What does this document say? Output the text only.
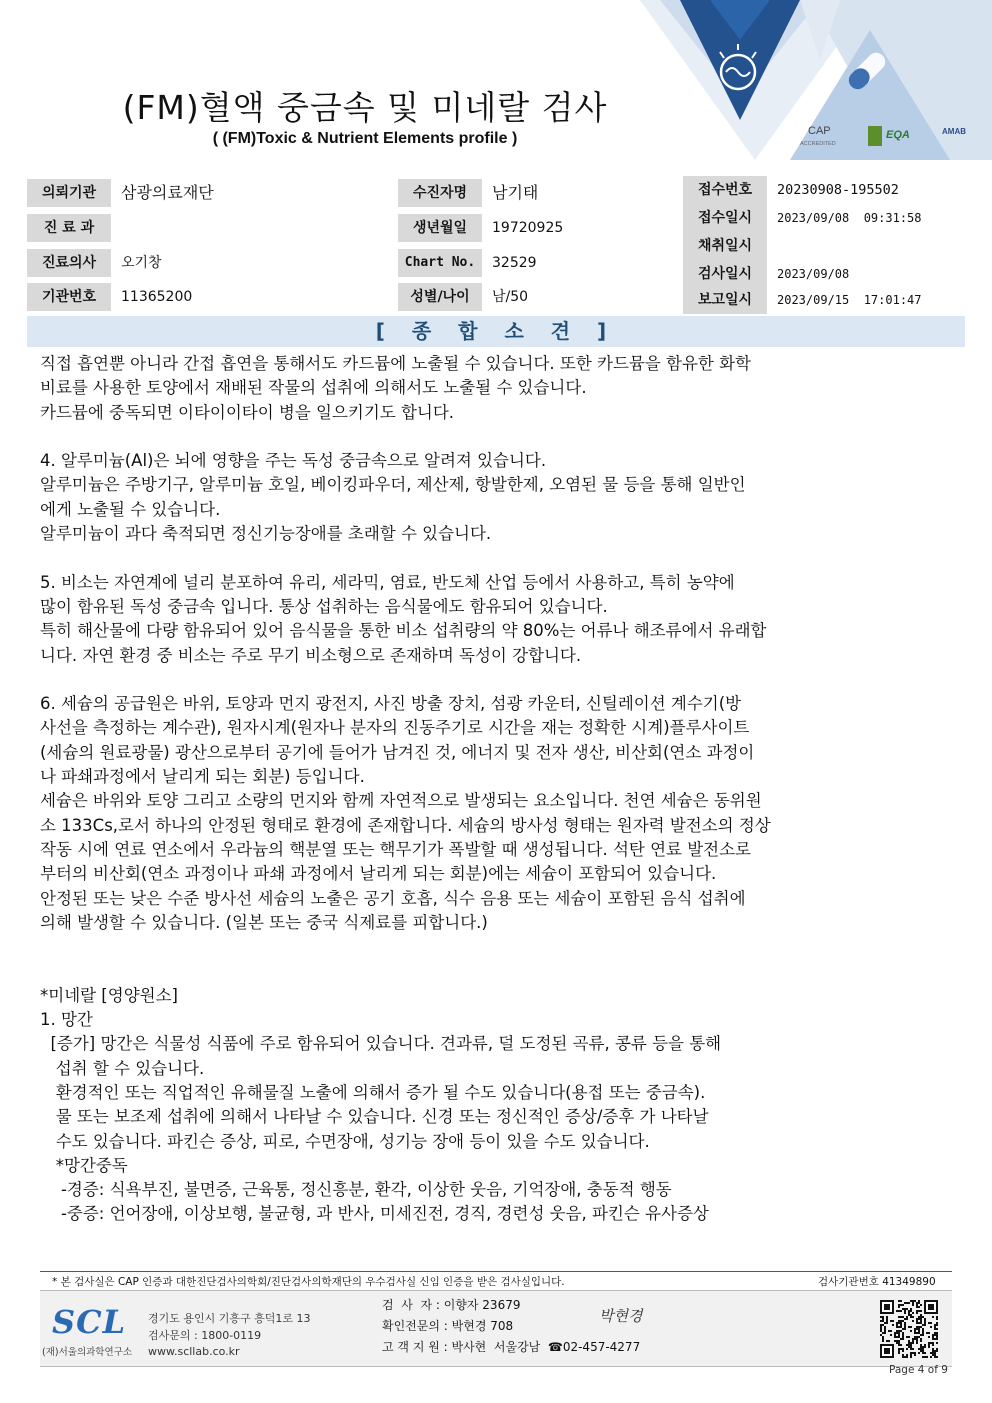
(FM)혈액 중금속 및 미네랄 검사
( (FM)Toxic & Nutrient Elements profile )	CAP
ACCREDITED
EQA	AMAB
의뢰기관	삼광의료재단
진 료 과
진료의사	오기창
기관번호	11365200
수진자명	남기태
생년월일	19720925
Chart No.	32529
성별/나이	남/50
접수번호	20230908-195502
접수일시	2023/09/08  09:31:58
채취일시
검사일시	2023/09/08
보고일시	2023/09/15  17:01:47
[ 종 합 소 견 ]
직접 흡연뿐 아니라 간접 흡연을 통해서도 카드뮴에 노출될 수 있습니다. 또한 카드뮴을 함유한 화학
비료를 사용한 토양에서 재배된 작물의 섭취에 의해서도 노출될 수 있습니다.
카드뮴에 중독되면 이타이이타이 병을 일으키기도 합니다.
4. 알루미늄(Al)은 뇌에 영향을 주는 독성 중금속으로 알려져 있습니다.
알루미늄은 주방기구, 알루미늄 호일, 베이킹파우더, 제산제, 항발한제, 오염된 물 등을 통해 일반인
에게 노출될 수 있습니다.
알루미늄이 과다 축적되면 정신기능장애를 초래할 수 있습니다.
5. 비소는 자연계에 널리 분포하여 유리, 세라믹, 염료, 반도체 산업 등에서 사용하고, 특히 농약에
많이 함유된 독성 중금속 입니다. 통상 섭취하는 음식물에도 함유되어 있습니다.
특히 해산물에 다량 함유되어 있어 음식물을 통한 비소 섭취량의 약 80%는 어류나 해조류에서 유래합
니다. 자연 환경 중 비소는 주로 무기 비소형으로 존재하며 독성이 강합니다.
6. 세슘의 공급원은 바위, 토양과 먼지 광전지, 사진 방출 장치, 섬광 카운터, 신틸레이션 계수기(방
사선을 측정하는 계수관), 원자시계(원자나 분자의 진동주기로 시간을 재는 정확한 시계)플루사이트
(세슘의 원료광물) 광산으로부터 공기에 들어가 남겨진 것, 에너지 및 전자 생산, 비산회(연소 과정이
나 파쇄과정에서 날리게 되는 회분) 등입니다.
세슘은 바위와 토양 그리고 소량의 먼지와 함께 자연적으로 발생되는 요소입니다. 천연 세슘은 동위원
소 133Cs,로서 하나의 안정된 형태로 환경에 존재합니다. 세슘의 방사성 형태는 원자력 발전소의 정상
작동 시에 연료 연소에서 우라늄의 핵분열 또는 핵무기가 폭발할 때 생성됩니다. 석탄 연료 발전소로
부터의 비산회(연소 과정이나 파쇄 과정에서 날리게 되는 회분)에는 세슘이 포함되어 있습니다.
안정된 또는 낮은 수준 방사선 세슘의 노출은 공기 호흡, 식수 음용 또는 세슘이 포함된 음식 섭취에
의해 발생할 수 있습니다. (일본 또는 중국 식제료를 피합니다.)
*미네랄 [영양원소]
1. 망간
[증가] 망간은 식물성 식품에 주로 함유되어 있습니다. 견과류, 덜 도정된 곡류, 콩류 등을 통해
섭취 할 수 있습니다.
환경적인 또는 직업적인 유해물질 노출에 의해서 증가 될 수도 있습니다(용접 또는 중금속).
물 또는 보조제 섭취에 의해서 나타날 수 있습니다. 신경 또는 정신적인 증상/증후 가 나타날
수도 있습니다. 파킨슨 증상, 피로, 수면장애, 성기능 장애 등이 있을 수도 있습니다.
*망간중독
-경증: 식욕부진, 불면증, 근육통, 정신흥분, 환각, 이상한 웃음, 기억장애, 충동적 행동
-중증: 언어장애, 이상보행, 불균형, 과 반사, 미세진전, 경직, 경련성 웃음, 파킨슨 유사증상
* 본 검사실은 CAP 인증과 대한진단검사의학회/진단검사의학재단의 우수검사실 신임 인증을 받은 검사실입니다.	검사기관번호 41349890
SCL
(재)서울의과학연구소
경기도 용인시 기흥구 흥덕1로 13
검사문의 : 1800-0119
www.scllab.co.kr
검  사  자 : 이향자 23679
확인전문의 : 박현경 708
고 객 지 원 : 박사현  서울강남  ☎02-457-4277
박현경
Page 4 of 9
